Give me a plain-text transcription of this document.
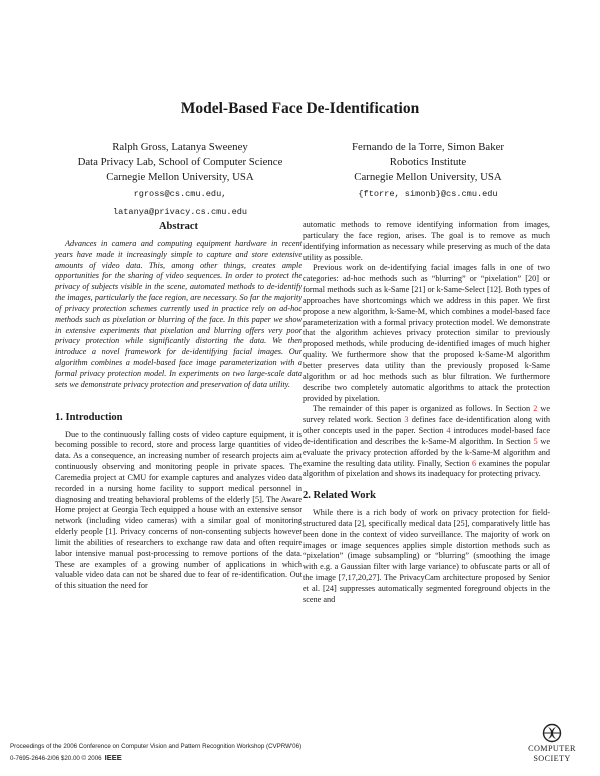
Model-Based Face De-Identification
Ralph Gross, Latanya Sweeney
Data Privacy Lab, School of Computer Science
Carnegie Mellon University, USA
rgross@cs.cmu.edu, latanya@privacy.cs.cmu.edu
Fernando de la Torre, Simon Baker
Robotics Institute
Carnegie Mellon University, USA
{ftorre, simonb}@cs.cmu.edu
Abstract

Advances in camera and computing equipment hardware in recent years have made it increasingly simple to capture and store extensive amounts of video data. This, among other things, creates ample opportunities for the sharing of video sequences. In order to protect the privacy of subjects visible in the scene, automated methods to de-identify the images, particularly the face region, are necessary. So far the majority of privacy protection schemes currently used in practice rely on ad-hoc methods such as pixelation or blurring of the face. In this paper we show in extensive experiments that pixelation and blurring offers very poor privacy protection while significantly distorting the data. We then introduce a novel framework for de-identifying facial images. Our algorithm combines a model-based face image parameterization with a formal privacy protection model. In experiments on two large-scale data sets we demonstrate privacy protection and preservation of data utility.

1. Introduction

Due to the continuously falling costs of video capture equipment, it is becoming possible to record, store and process large quantities of video data. As a consequence, an increasing number of research projects aim at continuously observing and monitoring people in private spaces. The Caremedia project at CMU for example captures and analyzes video data recorded in a nursing home facility to support medical personnel in diagnosing and treating behavioral problems of the elderly [5]. The Aware Home project at Georgia Tech equipped a house with an extensive sensor network (including video cameras) with a similar goal of monitoring elderly people [1]. Privacy concerns of non-consenting subjects however limit the abilities of researchers to exchange raw data and often require labor intensive manual post-processing to remove portions of the data. These are examples of a growing number of applications in which valuable video data can not be shared due to fear of re-identification. Out of this situation the need for

automatic methods to remove identifying information from images, particulary the face region, arises. The goal is to remove as much identifying information as necessary while preserving as much of the data utility as possible.

Previous work on de-identifying facial images falls in one of two categories: ad-hoc methods such as “blurring” or “pixelation” [20] or formal methods such as k-Same [21] or k-Same-Select [12]. Both types of approaches have shortcomings which we address in this paper. We first propose a new algorithm, k-Same-M, which combines a model-based face parameterization with a formal privacy protection model. We demonstrate that the algorithm achieves privacy protection similar to previously proposed methods, while producing de-identified images of much higher quality. We furthermore show that the proposed k-Same-M algorithm better preserves data utility than the previously proposed k-Same algorithm or ad hoc methods such as blur filtration. We furthermore describe two completely automatic algorithms to attack the protection provided by pixelation.

The remainder of this paper is organized as follows. In Section 2 we survey related work. Section 3 defines face de-identification along with other concepts used in the paper. Section 4 introduces model-based face de-identification and describes the k-Same-M algorithm. In Section 5 we evaluate the privacy protection afforded by the k-Same-M algorithm and examine the resulting data utility. Finally, Section 6 examines the popular algorithm of pixelation and shows its inadequacy for protecting privacy.

2. Related Work

While there is a rich body of work on privacy protection for field-structured data [2], specifically medical data [25], comparatively little has been done in the context of video surveillance. The majority of work on images or image sequences applies simple distortion methods such as “pixelation” (image subsampling) or “blurring” (smoothing the image with e.g. a Gaussian filter with large variance) to obfuscate parts or all of the image [7,17,20,27]. The PrivacyCam architecture proposed by Senior et al. [24] suppresses automatically segmented foreground objects in the scene and

Proceedings of the 2006 Conference on Computer Vision and Pattern Recognition Workshop (CVPRW'06)
0-7695-2646-2/06 $20.00 © 2006 IEEE
COMPUTER
SOCIETY
